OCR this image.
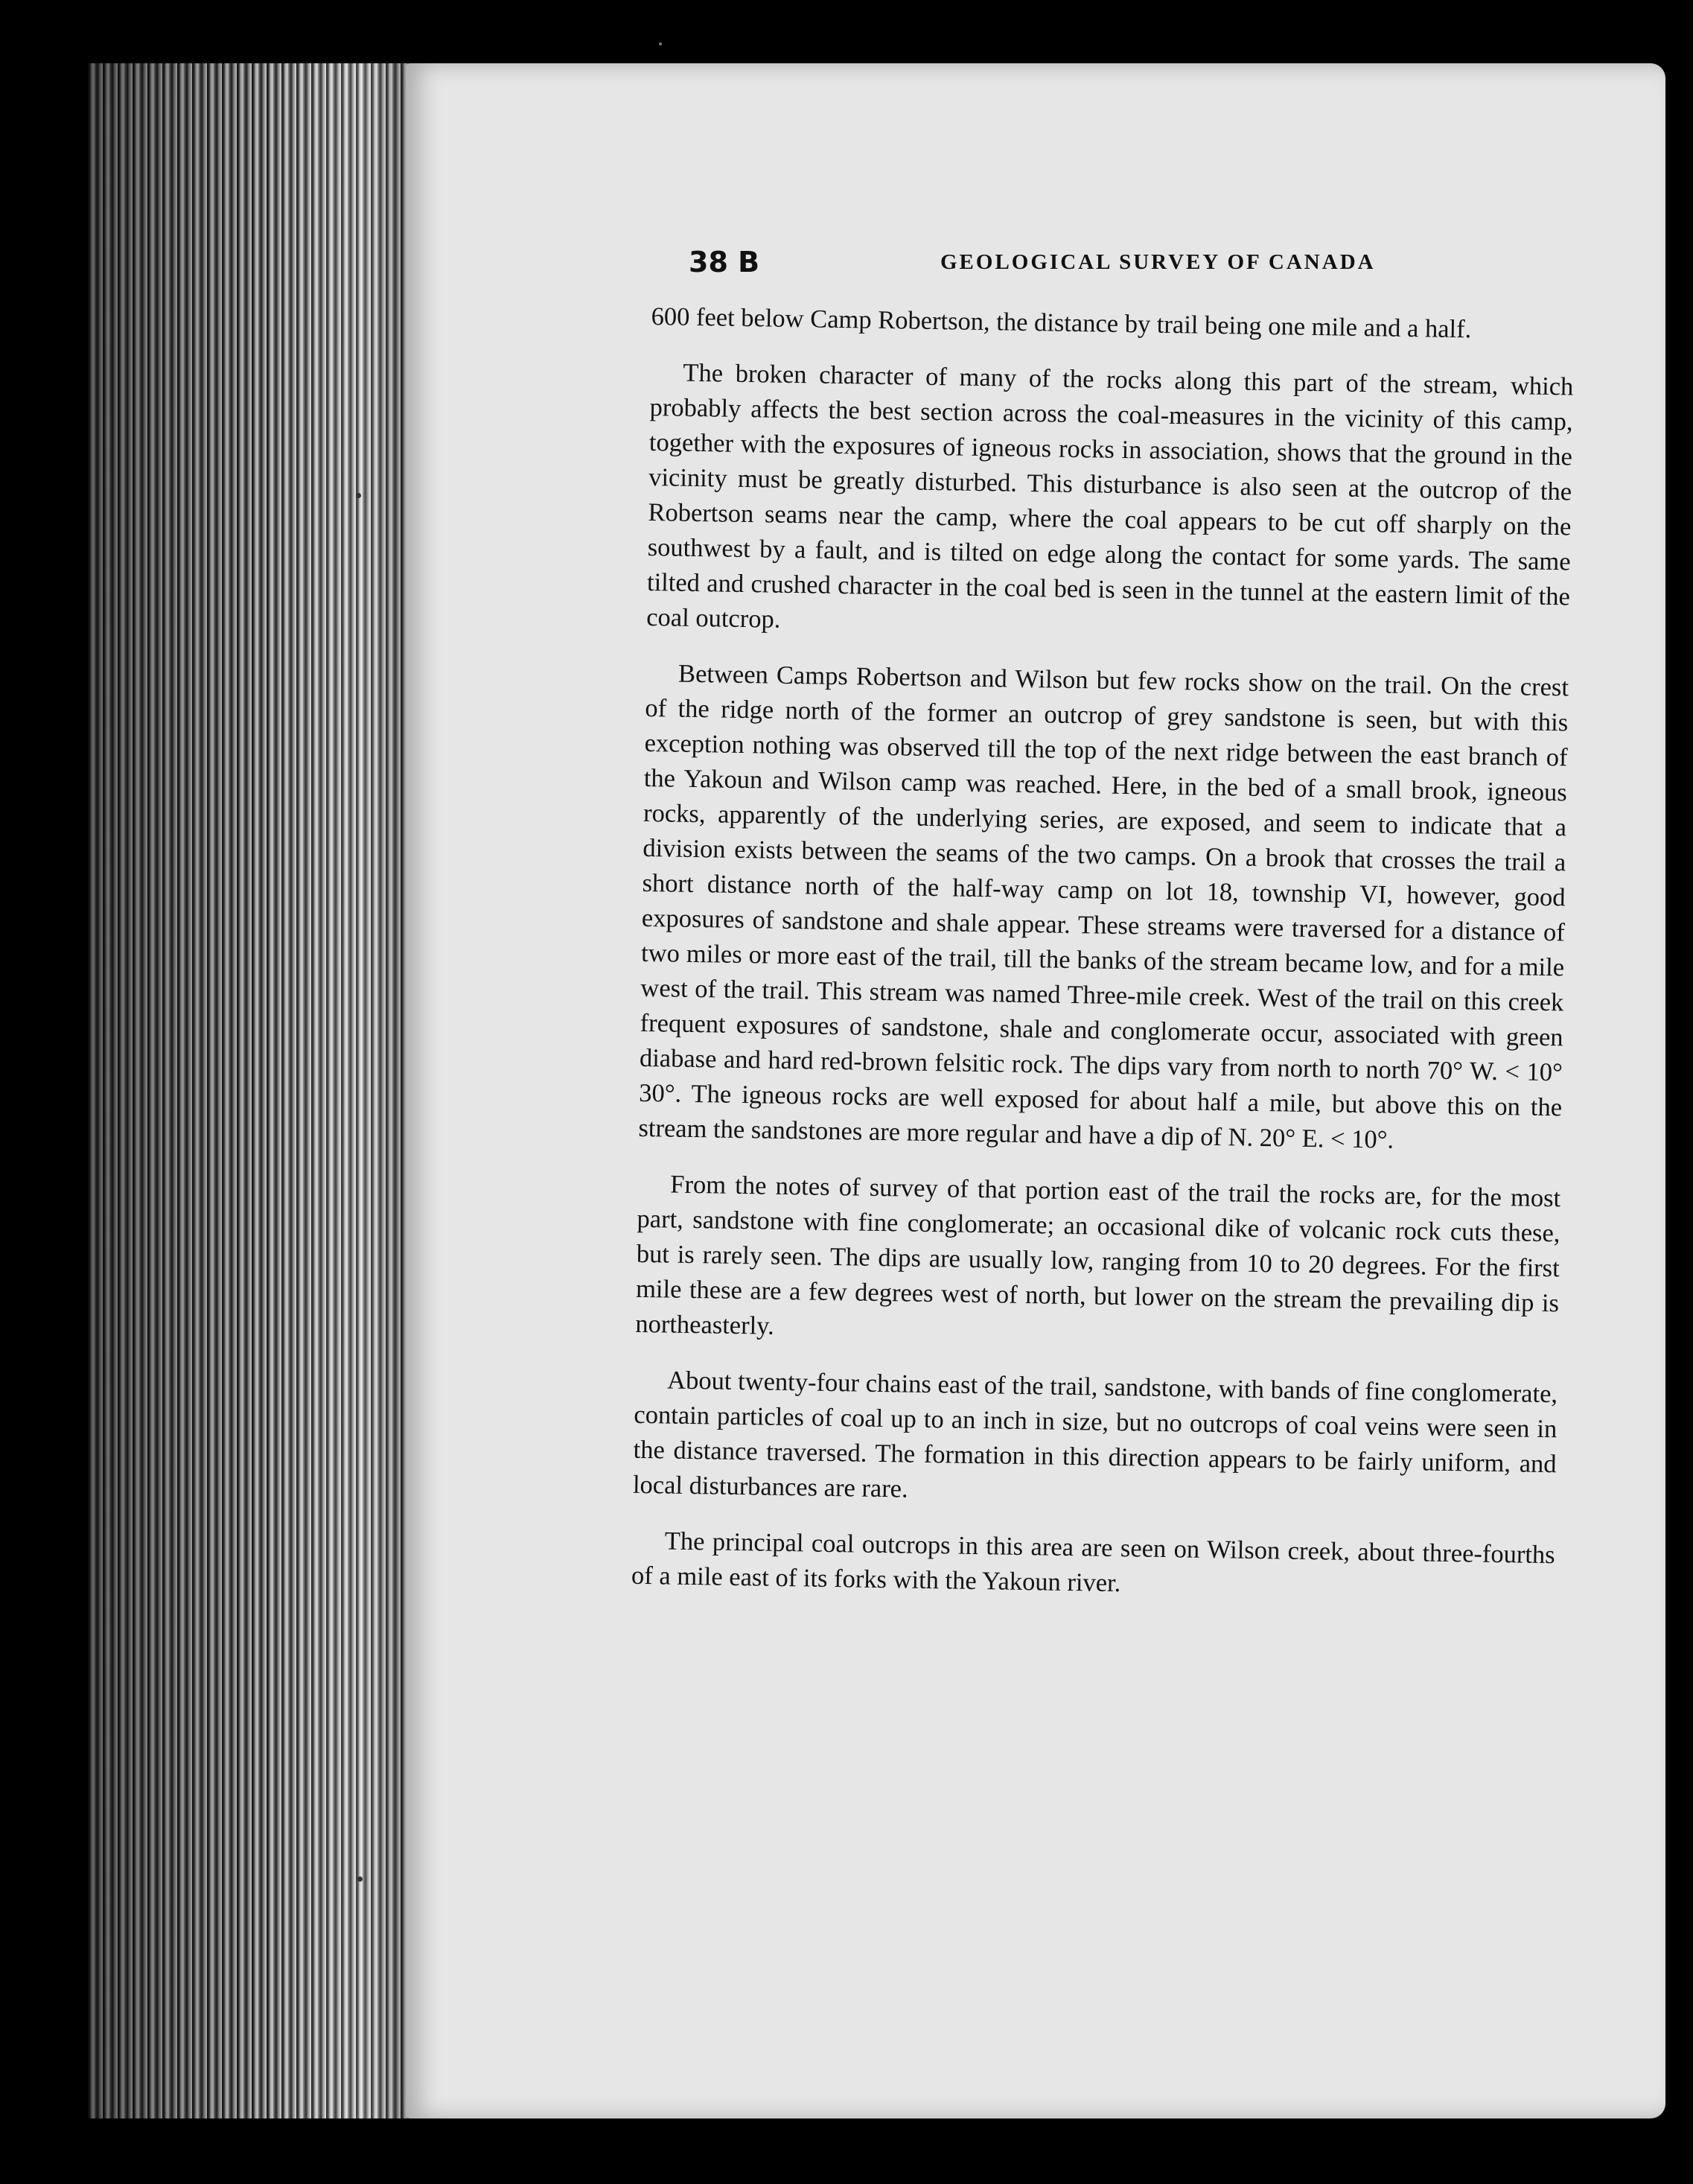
38 B	GEOLOGICAL SURVEY OF CANADA

600 feet below Camp Robertson, the distance by trail being one mile and a half.

The broken character of many of the rocks along this part of the stream, which probably affects the best section across the coal-measures in the vicinity of this camp, together with the exposures of igneous rocks in association, shows that the ground in the vicinity must be greatly disturbed. This disturbance is also seen at the outcrop of the Robertson seams near the camp, where the coal appears to be cut off sharply on the southwest by a fault, and is tilted on edge along the contact for some yards. The same tilted and crushed character in the coal bed is seen in the tunnel at the eastern limit of the coal outcrop.

Between Camps Robertson and Wilson but few rocks show on the trail. On the crest of the ridge north of the former an outcrop of grey sandstone is seen, but with this exception nothing was observed till the top of the next ridge between the east branch of the Yakoun and Wilson camp was reached. Here, in the bed of a small brook, igneous rocks, apparently of the underlying series, are exposed, and seem to indicate that a division exists between the seams of the two camps. On a brook that crosses the trail a short distance north of the half-way camp on lot 18, township VI, however, good exposures of sandstone and shale appear. These streams were traversed for a distance of two miles or more east of the trail, till the banks of the stream became low, and for a mile west of the trail. This stream was named Three-mile creek. West of the trail on this creek frequent exposures of sandstone, shale and conglomerate occur, associated with green diabase and hard red-brown felsitic rock. The dips vary from north to north 70° W. < 10° 30°. The igneous rocks are well exposed for about half a mile, but above this on the stream the sandstones are more regular and have a dip of N. 20° E. < 10°.

From the notes of survey of that portion east of the trail the rocks are, for the most part, sandstone with fine conglomerate; an occasional dike of volcanic rock cuts these, but is rarely seen. The dips are usually low, ranging from 10 to 20 degrees. For the first mile these are a few degrees west of north, but lower on the stream the prevailing dip is northeasterly.

About twenty-four chains east of the trail, sandstone, with bands of fine conglomerate, contain particles of coal up to an inch in size, but no outcrops of coal veins were seen in the distance traversed. The formation in this direction appears to be fairly uniform, and local disturbances are rare.

The principal coal outcrops in this area are seen on Wilson creek, about three-fourths of a mile east of its forks with the Yakoun river.
